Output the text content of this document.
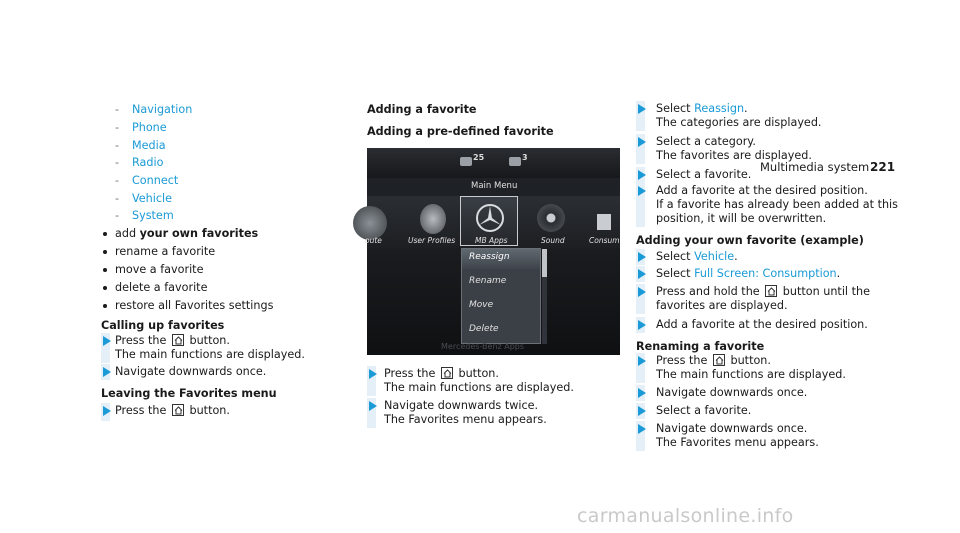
Multimedia system 221
- Navigation
- Phone
- Media
- Radio
- Connect
- Vehicle
- System
add your own favorites
rename a favorite
move a favorite
delete a favorite
restore all Favorites settings
Calling up favorites
Press the button.
The main functions are displayed.
Navigate downwards once.
Leaving the Favorites menu
Press the button.
Adding a favorite
Adding a pre-defined favorite
25	3
Main Menu
oute	User Profiles	MB Apps	Sound	Consum
Reassign
Rename
Move
Delete
Mercedes-Benz Apps
Press the button.
The main functions are displayed.
Navigate downwards twice.
The Favorites menu appears.
Select Reassign.
The categories are displayed.
Select a category.
The favorites are displayed.
Select a favorite.
Add a favorite at the desired position.
If a favorite has already been added at this
position, it will be overwritten.
Adding your own favorite (example)
Select Vehicle.
Select Full Screen: Consumption.
Press and hold the button until the
favorites are displayed.
Add a favorite at the desired position.
Renaming a favorite
Press the button.
The main functions are displayed.
Navigate downwards once.
Select a favorite.
Navigate downwards once.
The Favorites menu appears.
carmanualsonline.info
